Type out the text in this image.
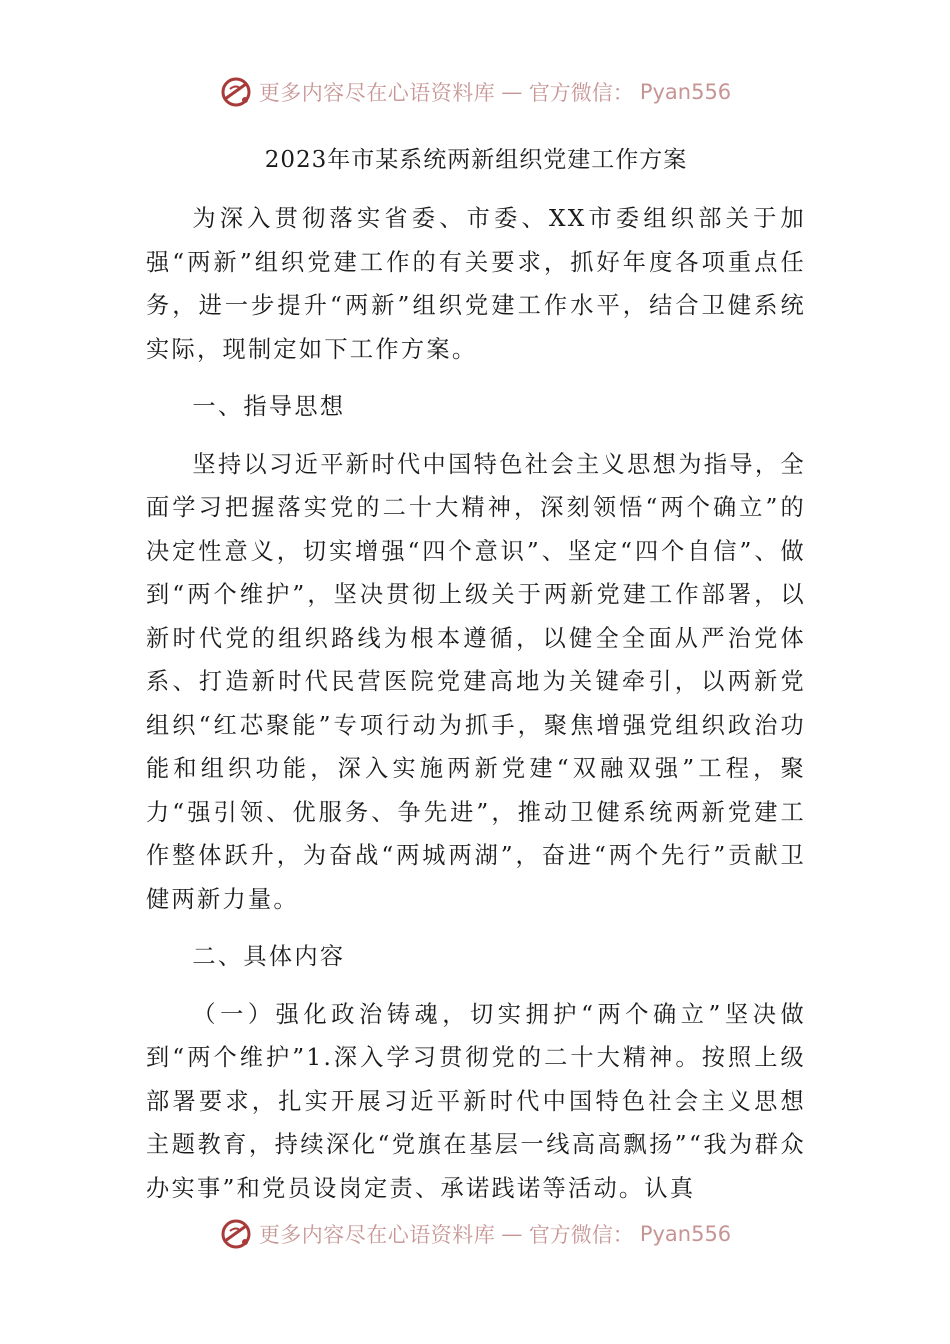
更多内容尽在心语资料库 — 官方微信： Pyan556
2023年市某系统两新组织党建工作方案

为深入贯彻落实省委、市委、XX市委组织部关于加强“两新”组织党建工作的有关要求，抓好年度各项重点任务，进一步提升“两新”组织党建工作水平，结合卫健系统实际，现制定如下工作方案。

一、指导思想

坚持以习近平新时代中国特色社会主义思想为指导，全面学习把握落实党的二十大精神，深刻领悟“两个确立”的决定性意义，切实增强“四个意识”、坚定“四个自信”、做到“两个维护”，坚决贯彻上级关于两新党建工作部署，以新时代党的组织路线为根本遵循，以健全全面从严治党体系、打造新时代民营医院党建高地为关键牵引，以两新党组织“红芯聚能”专项行动为抓手，聚焦增强党组织政治功能和组织功能，深入实施两新党建“双融双强”工程，聚力“强引领、优服务、争先进”，推动卫健系统两新党建工作整体跃升，为奋战“两城两湖”，奋进“两个先行”贡献卫健两新力量。

二、具体内容

（一）强化政治铸魂，切实拥护“两个确立”坚决做到“两个维护”1.深入学习贯彻党的二十大精神。按照上级部署要求，扎实开展习近平新时代中国特色社会主义思想主题教育，持续深化“党旗在基层一线高高飘扬”“我为群众办实事”和党员设岗定责、承诺践诺等活动。认真

更多内容尽在心语资料库 — 官方微信： Pyan556
